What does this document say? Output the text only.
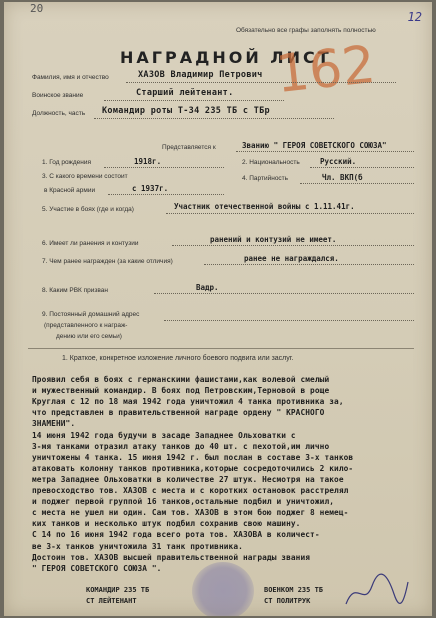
20
12
Обязательно все графы заполнять полностью
НАГРАДНОЙ ЛИСТ
162
Фамилия, имя и отчество	ХАЗОВ Владимир Петрович
Воинское звание	Старший лейтенант.
Должность, часть Командир роты Т-34 235 ТБ с ТБр
Представляется к	Званию " ГЕРОЯ СОВЕТСКОГО СОЮЗА"
1. Год рождения	1918г.	2. Национальность	Русский.
3. С какого времени состоит
в Красной армии	с 1937г.
4. Партийность	Чл. ВКП(б
5. Участие в боях (где и когда)	Участник отечественной войны с 1.11.41г.
6. Имеет ли ранения и контузии	ранений и контузий не имеет.
7. Чем ранее награжден (за какие отличия)	ранее не награждался.
8. Каким РВК призван	Вадр.
9. Постоянный домашний адрес
(представленного к награж-
дению или его семьи)
1. Краткое, конкретное изложение личного боевого подвига или заслуг.
Проявил себя в боях с германскими фашистами,как волевой смелый
и мужественный командир. В боях под Петровским,Терновой в роще
Круглая с 12 по 18 мая 1942 года уничтожил 4 танка противника за,
что представлен в правительственной награде ордену " КРАСНОГО
ЗНАМЕНИ".
14 июня 1942 года будучи в засаде Западнее Ольховатки с
3-мя танками отразил атаку танков до 40 шт. с пехотой,им лично
уничтожены 4 танка. 15 июня 1942 г. был послан в составе 3-х танков
атаковать колонну танков противника,которые сосредоточились 2 кило-
метра Западнее Ольховатки в количестве 27 штук. Несмотря на такое
превосходство тов. ХАЗОВ с места и с коротких остановок расстрелял
и поджег первой группой 16 танков,остальные подбил и уничтожил,
с места не ушел ни один. Сам тов. ХАЗОВ в этом бою поджег 8 немец-
ких танков и несколько штук подбил сохранив свою машину.
С 14 по 16 июня 1942 года всего рота тов. ХАЗОВА в количест-
ве 3-х танков уничтожила 31 танк противника.
Достоин тов. ХАЗОВ высшей правительственной награды звания
" ГЕРОЯ СОВЕТСКОГО СОЮЗА ".
КОМАНДИР 235 ТБ
СТ ЛЕЙТЕНАНТ
ВОЕНКОМ 235 ТБ
СТ ПОЛИТРУК
